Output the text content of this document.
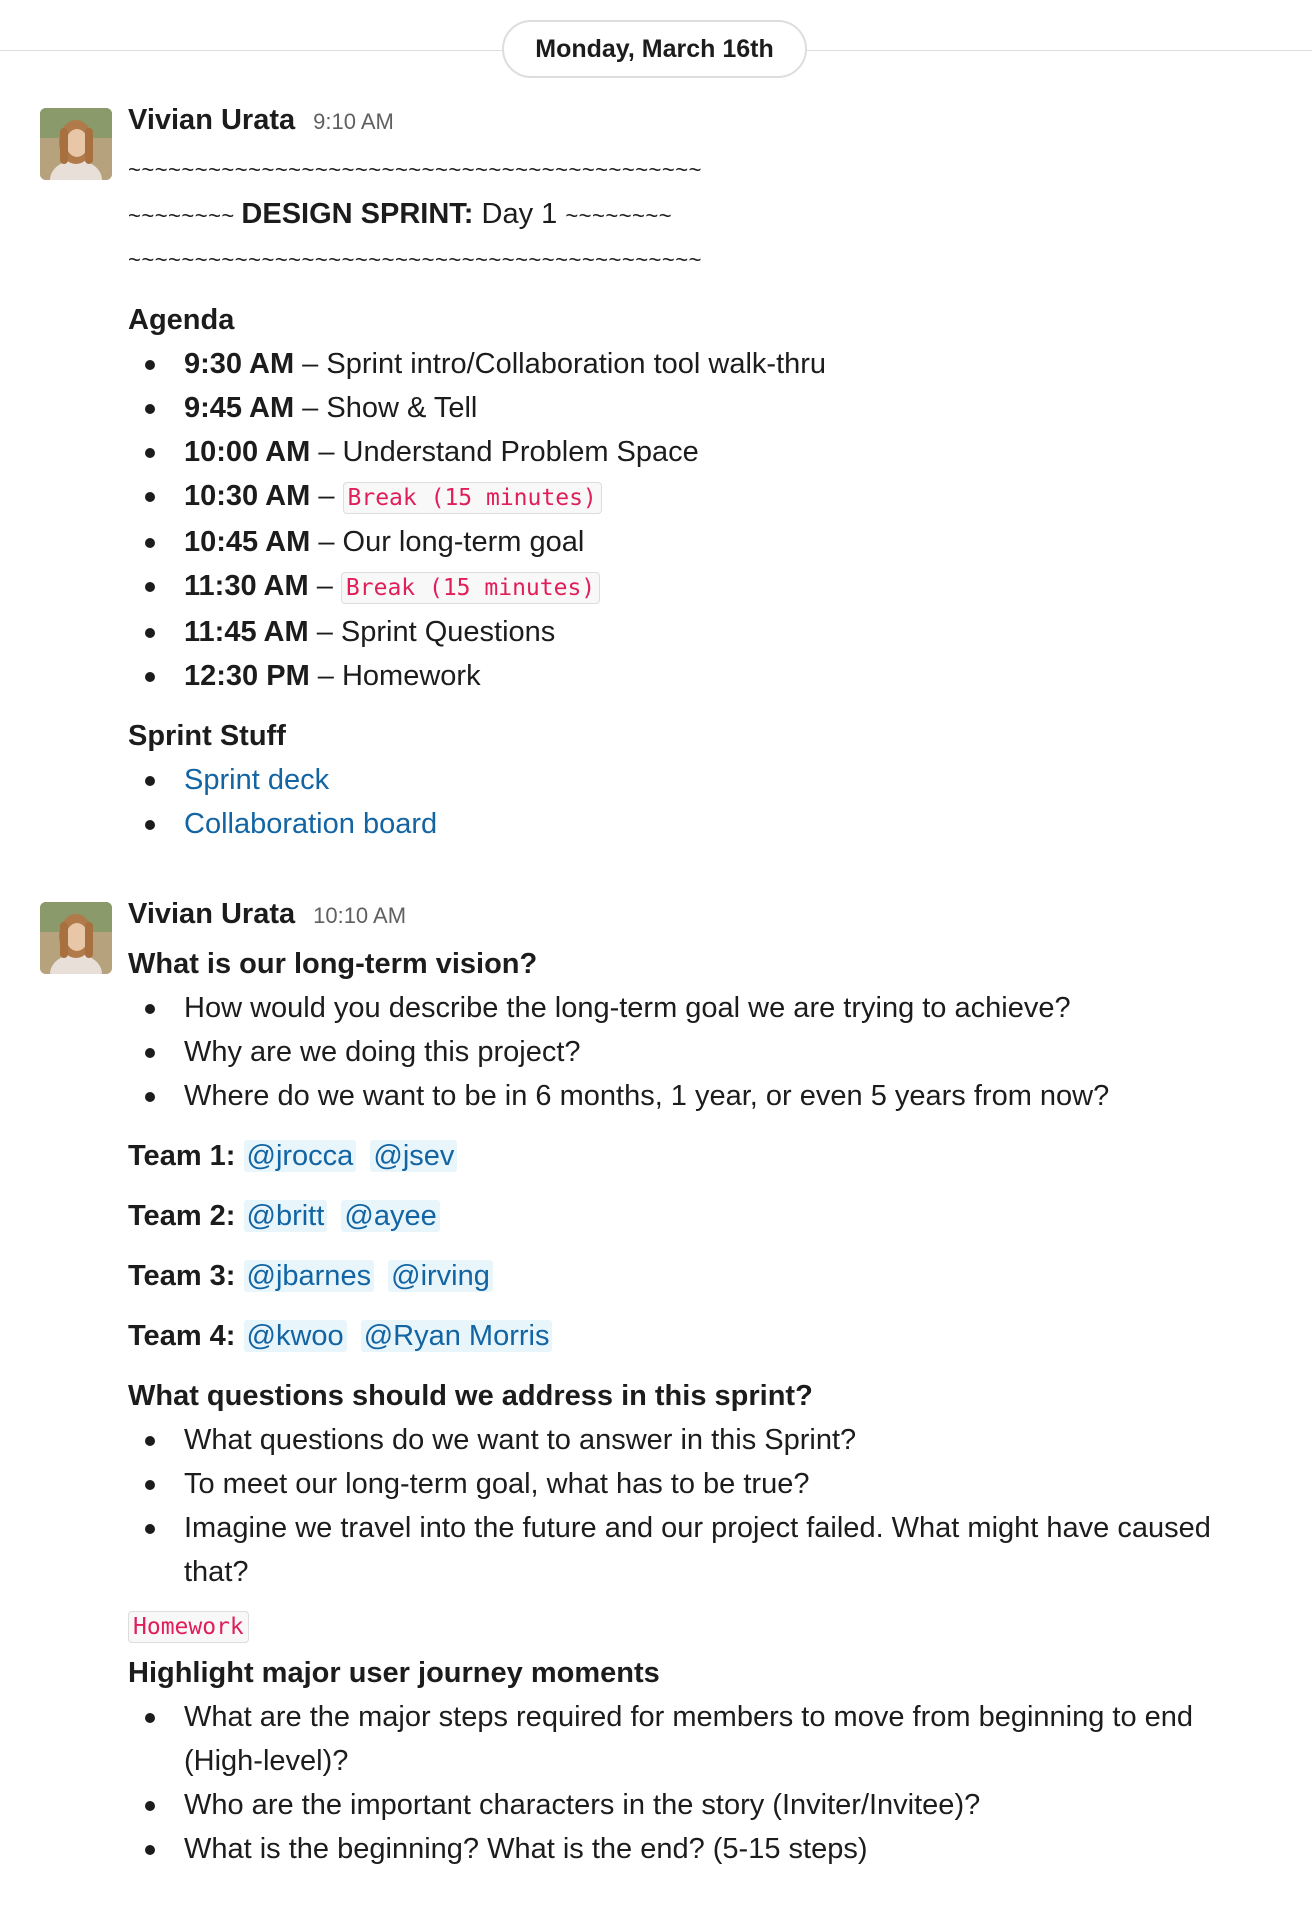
Monday, March 16th
Vivian Urata 9:10 AM
~~~~~~~~~~~~~~~~~~~~~~~~~~~~~~~~~~~~~~~~~~~
~~~~~~~~ DESIGN SPRINT: Day 1 ~~~~~~~~
~~~~~~~~~~~~~~~~~~~~~~~~~~~~~~~~~~~~~~~~~~~
Agenda
9:30 AM – Sprint intro/Collaboration tool walk-thru
9:45 AM – Show & Tell
10:00 AM – Understand Problem Space
10:30 AM – Break (15 minutes)
10:45 AM – Our long-term goal
11:30 AM – Break (15 minutes)
11:45 AM – Sprint Questions
12:30 PM – Homework
Sprint Stuff
Sprint deck
Collaboration board
Vivian Urata 10:10 AM
What is our long-term vision?
How would you describe the long-term goal we are trying to achieve?
Why are we doing this project?
Where do we want to be in 6 months, 1 year, or even 5 years from now?
Team 1: @jrocca @jsev
Team 2: @britt @ayee
Team 3: @jbarnes @irving
Team 4: @kwoo @Ryan Morris
What questions should we address in this sprint?
What questions do we want to answer in this Sprint?
To meet our long-term goal, what has to be true?
Imagine we travel into the future and our project failed. What might have caused that?
Homework
Highlight major user journey moments
What are the major steps required for members to move from beginning to end (High-level)?
Who are the important characters in the story (Inviter/Invitee)?
What is the beginning? What is the end? (5-15 steps)
